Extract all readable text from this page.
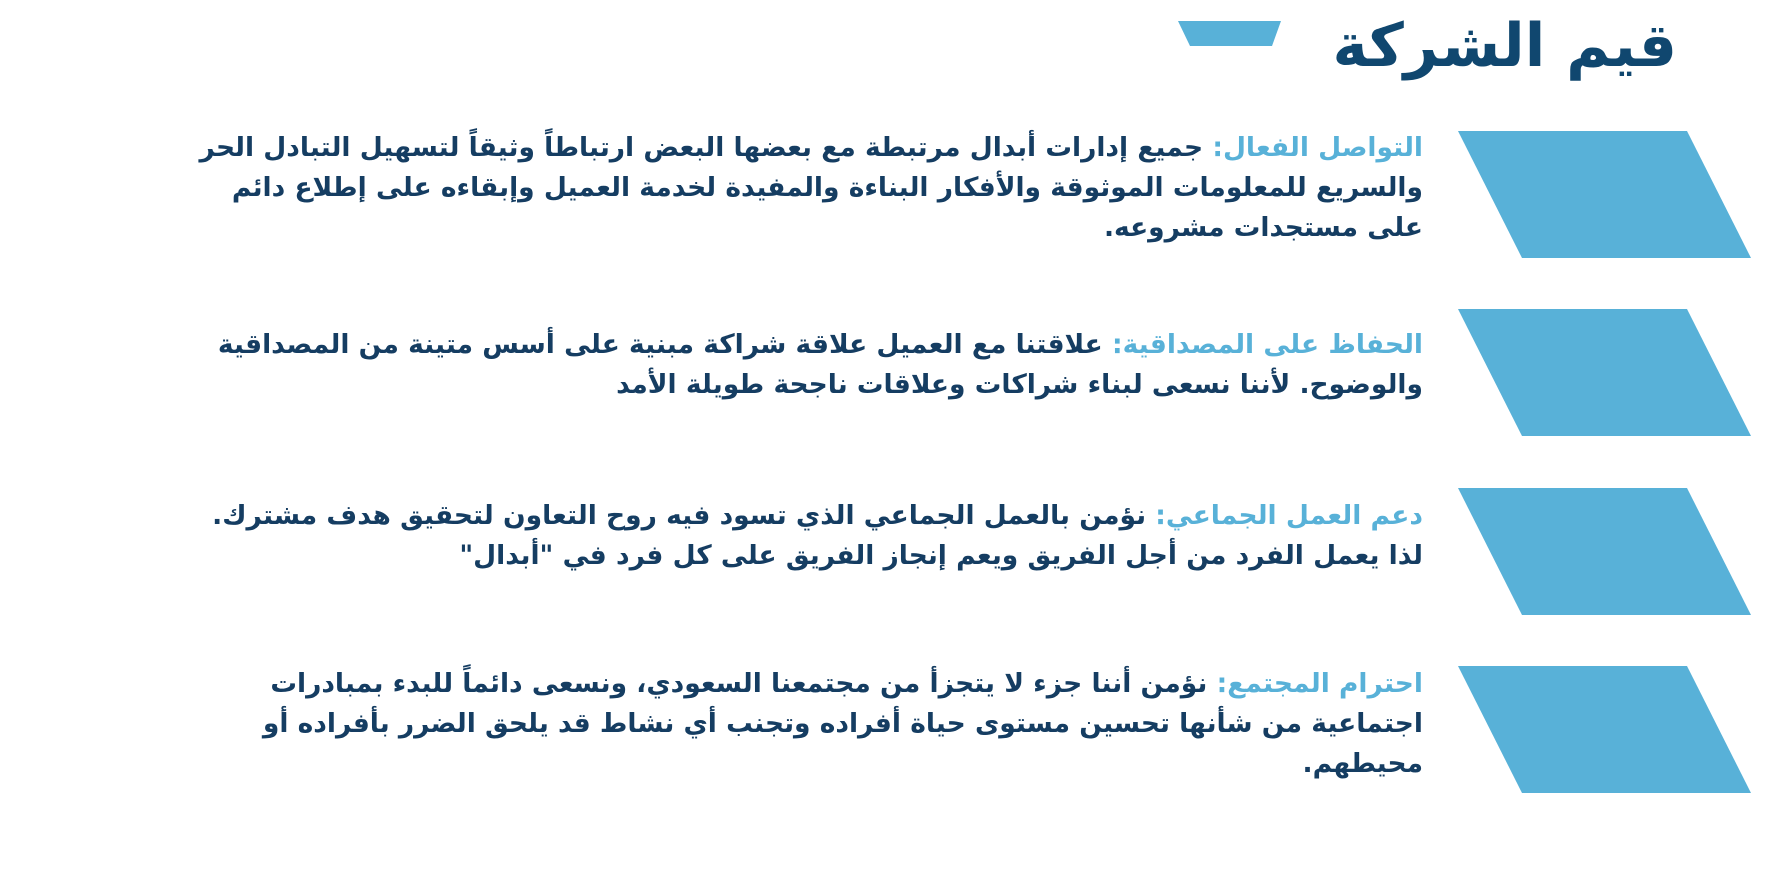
قيم الشركة

التواصل الفعال: جميع إدارات أبدال مرتبطة مع بعضها البعض ارتباطاً وثيقاً لتسهيل التبادل الحر والسريع للمعلومات الموثوقة والأفكار البناءة والمفيدة لخدمة العميل وإبقاءه على إطلاع دائم على مستجدات مشروعه.

الحفاظ على المصداقية: علاقتنا مع العميل علاقة شراكة مبنية على أسس متينة من المصداقية والوضوح. لأننا نسعى لبناء شراكات وعلاقات ناجحة طويلة الأمد

دعم العمل الجماعي: نؤمن بالعمل الجماعي الذي تسود فيه روح التعاون لتحقيق هدف مشترك. لذا يعمل الفرد من أجل الفريق ويعم إنجاز الفريق على كل فرد في "أبدال"

احترام المجتمع: نؤمن أننا جزء لا يتجزأ من مجتمعنا السعودي، ونسعى دائماً للبدء بمبادرات اجتماعية من شأنها تحسين مستوى حياة أفراده وتجنب أي نشاط قد يلحق الضرر بأفراده أو محيطهم.
